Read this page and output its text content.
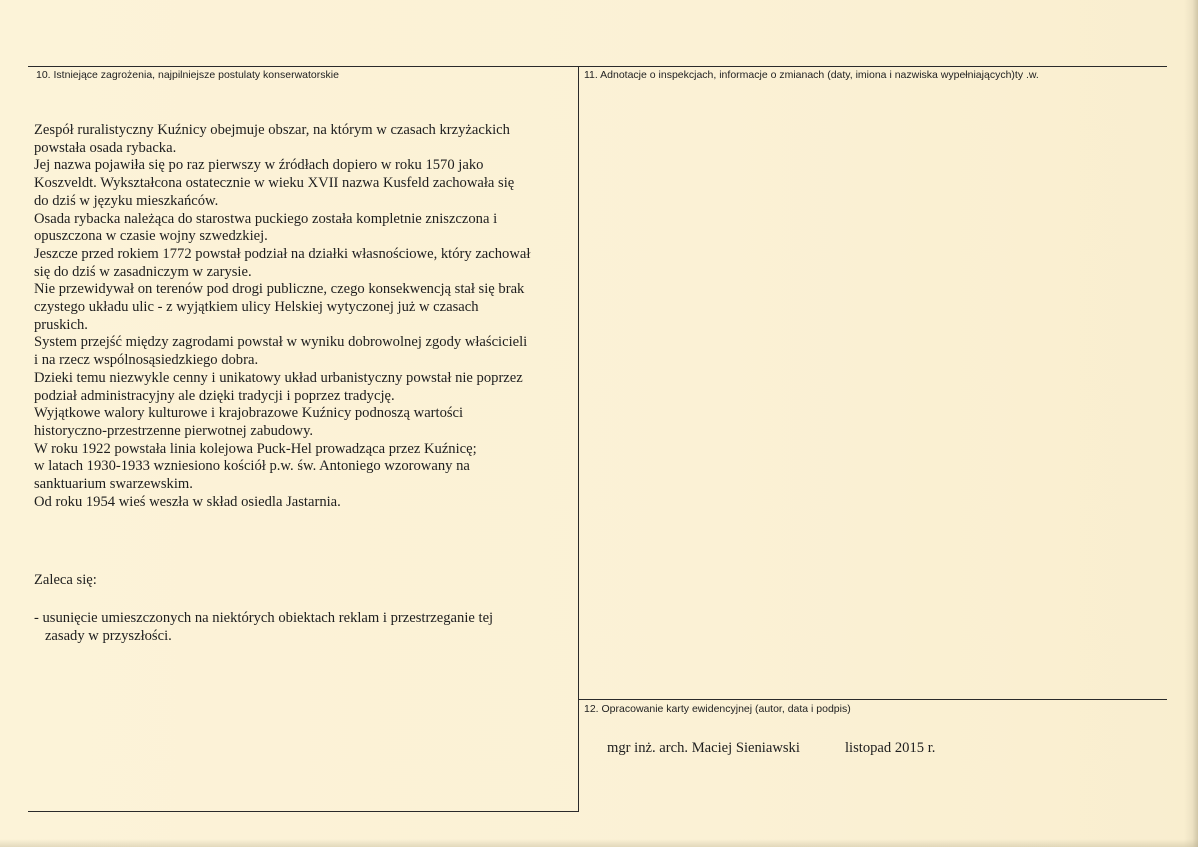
10. Istniejące zagrożenia, najpilniejsze postulaty konserwatorskie	11. Adnotacje o inspekcjach, informacje o zmianach (daty, imiona i nazwiska wypełniających)ty .w.
12. Opracowanie karty ewidencyjnej (autor, data i podpis)
Zespół ruralistyczny Kuźnicy obejmuje obszar, na którym w czasach krzyżackich
powstała osada rybacka.
Jej nazwa pojawiła się po raz pierwszy w źródłach dopiero w roku 1570 jako
Koszveldt. Wykształcona ostatecznie w wieku XVII nazwa Kusfeld zachowała się
do dziś w języku mieszkańców.
Osada rybacka należąca do starostwa puckiego została kompletnie zniszczona i
opuszczona w czasie wojny szwedzkiej.
Jeszcze przed rokiem 1772 powstał podział na działki własnościowe, który zachował
się do dziś w zasadniczym w zarysie.
Nie przewidywał on terenów pod drogi publiczne, czego konsekwencją stał się brak
czystego układu ulic - z wyjątkiem ulicy Helskiej wytyczonej już w czasach
pruskich.
System przejść między zagrodami powstał w wyniku dobrowolnej zgody właścicieli
i na rzecz wspólnosąsiedzkiego dobra.
Dzieki temu niezwykle cenny i unikatowy układ urbanistyczny powstał nie poprzez
podział administracyjny ale dzięki tradycji i poprzez tradycję.
Wyjątkowe walory kulturowe i krajobrazowe Kuźnicy podnoszą wartości
historyczno-przestrzenne pierwotnej zabudowy.
W roku 1922 powstała linia kolejowa Puck-Hel prowadząca przez Kuźnicę;
w latach 1930-1933 wzniesiono kościół p.w. św. Antoniego wzorowany na
sanktuarium swarzewskim.
Od roku 1954 wieś weszła w skład osiedla Jastarnia.
Zaleca się:
- usunięcie umieszczonych na niektórych obiektach reklam i przestrzeganie tej
zasady w przyszłości.
mgr inż. arch. Maciej Sieniawski	listopad 2015 r.
